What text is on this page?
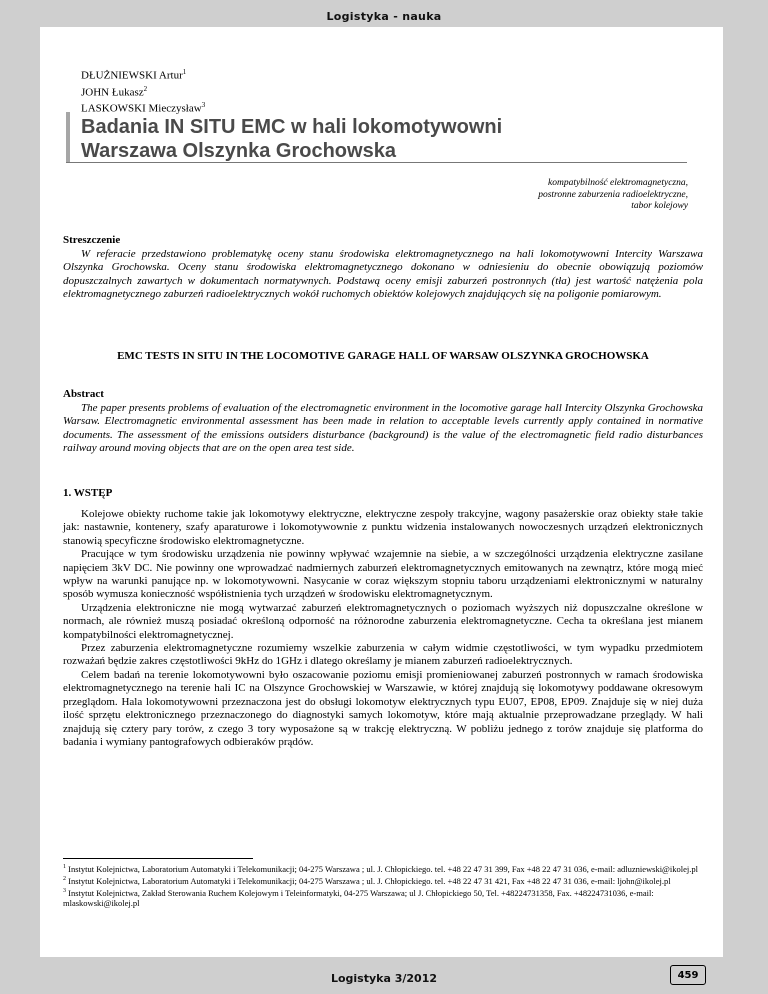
Logistyka - nauka
DŁUŻNIEWSKI Artur$^1$
JOHN Łukasz$^2$
LASKOWSKI Mieczysław$^3$
Badania IN SITU EMC w hali lokomotywowni
Warszawa Olszynka Grochowska
kompatybilność elektromagnetyczna,
postronne zaburzenia radioelektryczne,
tabor kolejowy
Streszczenie

W referacie przedstawiono problematykę oceny stanu środowiska elektromagnetycznego na hali lokomotywowni Intercity Warszawa Olszynka Grochowska. Oceny stanu środowiska elektromagnetycznego dokonano w odniesieniu do obecnie obowiązują poziomów dopuszczalnych zawartych w dokumentach normatywnych. Podstawą oceny emisji zaburzeń postronnych (tła) jest wartość natężenia pola elektromagnetycznego zaburzeń radioelektrycznych wokół ruchomych obiektów kolejowych znajdujących się na poligonie pomiarowym.

EMC TESTS IN SITU IN THE LOCOMOTIVE GARAGE HALL OF WARSAW OLSZYNKA GROCHOWSKA
Abstract

The paper presents problems of evaluation of the electromagnetic environment in the locomotive garage hall Intercity Olszynka Grochowska Warsaw. Electromagnetic environmental assessment has been made in relation to acceptable levels currently apply contained in normative documents. The assessment of the emissions outsiders disturbance (background) is the value of the electromagnetic field radio disturbances railway around moving objects that are on the open area test side.

1. WSTĘP

Kolejowe obiekty ruchome takie jak lokomotywy elektryczne, elektryczne zespoły trakcyjne, wagony pasażerskie oraz obiekty stałe takie jak: nastawnie, kontenery, szafy aparaturowe i lokomotywownie z punktu widzenia instalowanych nowoczesnych urządzeń elektronicznych stanowią specyficzne środowisko elektromagnetyczne.

Pracujące w tym środowisku urządzenia nie powinny wpływać wzajemnie na siebie, a w szczególności urządzenia elektryczne zasilane napięciem 3kV DC. Nie powinny one wprowadzać nadmiernych zaburzeń elektromagnetycznych emitowanych na zewnątrz, które mogą mieć wpływ na warunki panujące np. w lokomotywowni. Nasycanie w coraz większym stopniu taboru urządzeniami elektronicznymi w naturalny sposób wymusza konieczność współistnienia tych urządzeń w środowisku elektromagnetycznym.

Urządzenia elektroniczne nie mogą wytwarzać zaburzeń elektromagnetycznych o poziomach wyższych niż dopuszczalne określone w normach, ale również muszą posiadać określoną odporność na różnorodne zaburzenia elektromagnetyczne. Cecha ta określana jest mianem kompatybilności elektromagnetycznej.

Przez zaburzenia elektromagnetyczne rozumiemy wszelkie zaburzenia w całym widmie częstotliwości, w tym wypadku przedmiotem rozważań będzie zakres częstotliwości 9kHz do 1GHz i dlatego określamy je mianem zaburzeń radioelektrycznych.

Celem badań na terenie lokomotywowni było oszacowanie poziomu emisji promieniowanej zaburzeń postronnych w ramach środowiska elektromagnetycznego na terenie hali IC na Olszynce Grochowskiej w Warszawie, w której znajdują się lokomotywy poddawane okresowym przeglądom. Hala lokomotywowni przeznaczona jest do obsługi lokomotyw elektrycznych typu EU07, EP08, EP09. Znajduje się w niej duża ilość sprzętu elektronicznego przeznaczonego do diagnostyki samych lokomotyw, które mają aktualnie przeprowadzane przeglądy. W hali znajdują się cztery pary torów, z czego 3 tory wyposażone są w trakcję elektryczną. W pobliżu jednego z torów znajduje się platforma do badania i wymiany pantografowych odbieraków prądów.

$^1$ Instytut Kolejnictwa, Laboratorium Automatyki i Telekomunikacji; 04-275 Warszawa ; ul. J. Chłopickiego. tel. +48 22 47 31 399, Fax +48 22 47 31 036, e-mail: adluzniewski@ikolej.pl

$^2$ Instytut Kolejnictwa, Laboratorium Automatyki i Telekomunikacji; 04-275 Warszawa ; ul. J. Chłopickiego. tel. +48 22 47 31 421, Fax +48 22 47 31 036, e-mail: ljohn@ikolej.pl

$^3$ Instytut Kolejnictwa, Zakład Sterowania Ruchem Kolejowym i Teleinformatyki, 04-275 Warszawa; ul J. Chłopickiego 50, Tel. +48224731358, Fax. +48224731036, e-mail: mlaskowski@ikolej.pl

459
Logistyka 3/2012
